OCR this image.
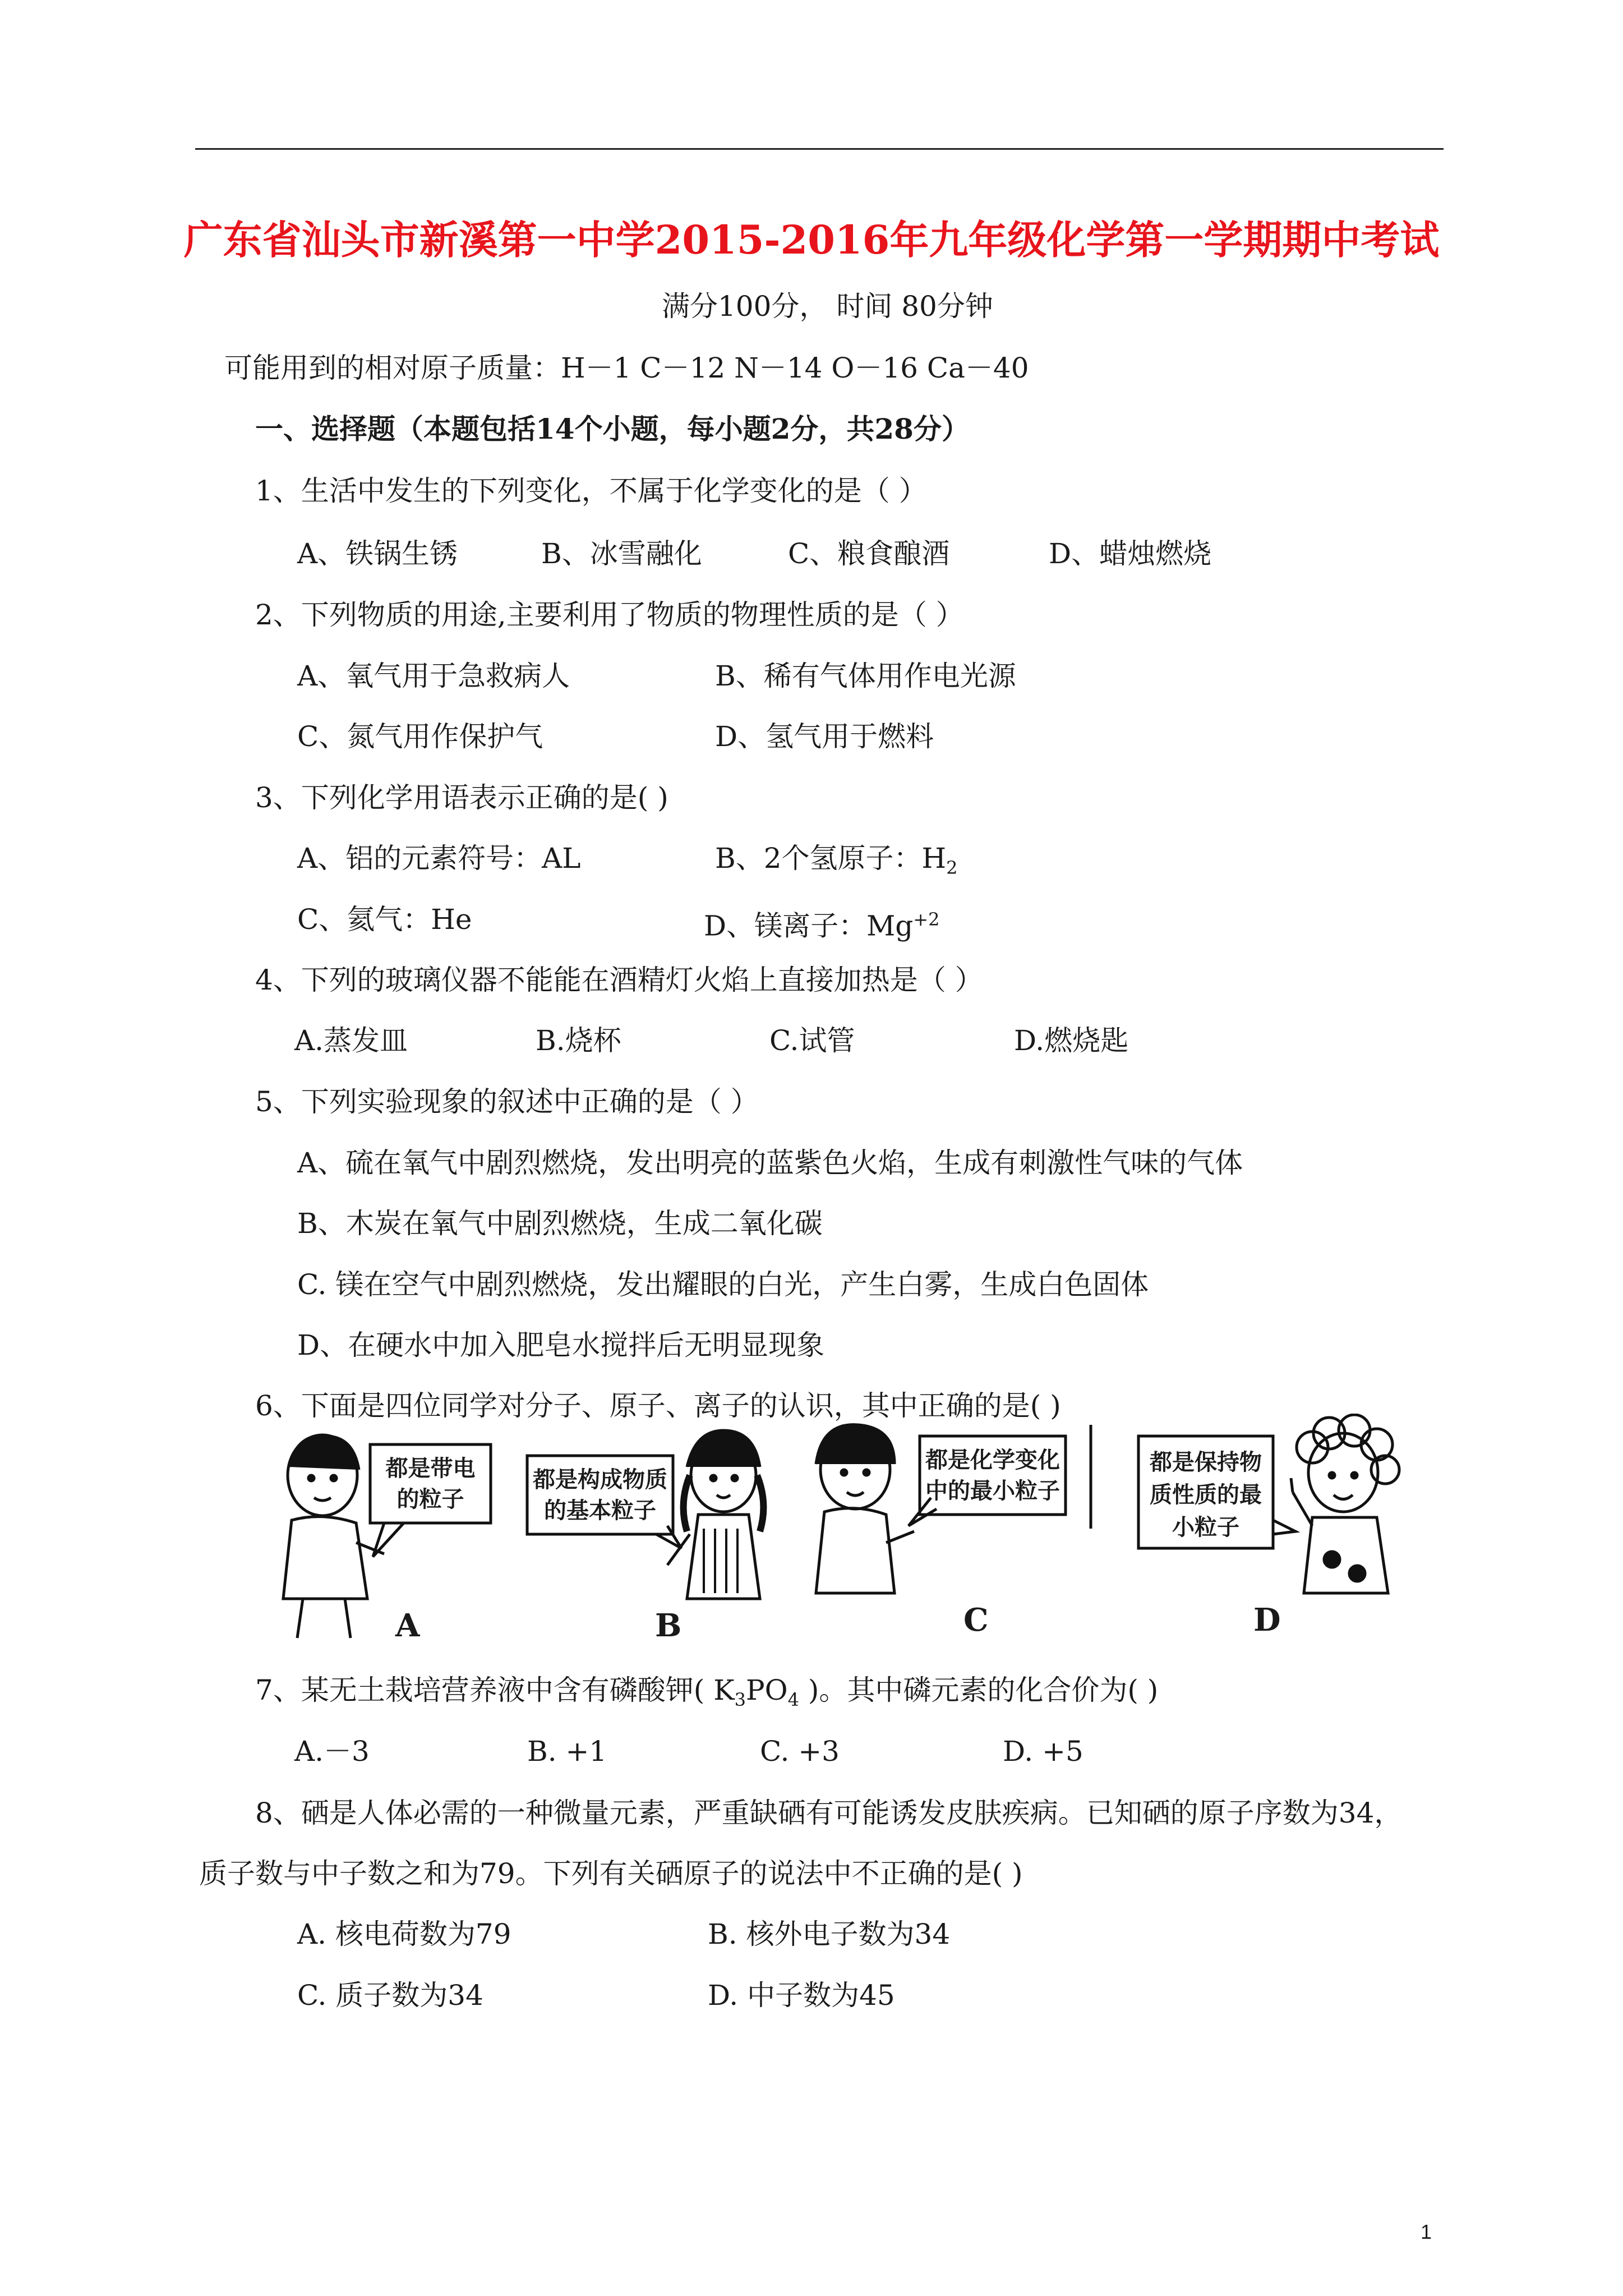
广东省汕头市新溪第一中学2015-2016年九年级化学第一学期期中考试
满分100分， 时间 80分钟
可能用到的相对原子质量：H－1 C－12 N－14 O－16 Ca－40
一、选择题（本题包括14个小题，每小题2分，共28分）
1、生活中发生的下列变化，不属于化学变化的是（ ）
A、铁锅生锈	B、冰雪融化	C、粮食酿酒	D、蜡烛燃烧
2、下列物质的用途,主要利用了物质的物理性质的是（ ）
A、氧气用于急救病人	B、稀有气体用作电光源
C、氮气用作保护气	D、氢气用于燃料
3、下列化学用语表示正确的是( )
A、铝的元素符号：AL	B、2个氢原子：$H_2$
C、氦气：He	D、镁离子：$Mg^{+2}$
4、下列的玻璃仪器不能能在酒精灯火焰上直接加热是（ ）
A.蒸发皿	B.烧杯	C.试管	D.燃烧匙
5、下列实验现象的叙述中正确的是（ ）
A、硫在氧气中剧烈燃烧，发出明亮的蓝紫色火焰，生成有刺激性气味的气体
B、木炭在氧气中剧烈燃烧，生成二氧化碳
C. 镁在空气中剧烈燃烧，发出耀眼的白光，产生白雾，生成白色固体
D、在硬水中加入肥皂水搅拌后无明显现象
6、下面是四位同学对分子、原子、离子的认识，其中正确的是( )
都是带电
的粒子
都是构成物质
的基本粒子
都是化学变化
中的最小粒子
都是保持物
质性质的最
小粒子
A	B	C	D
7、某无土栽培营养液中含有磷酸钾( $K_3PO_4$ )。其中磷元素的化合价为( )
A.－3	B. +1	C. +3	D. +5
8、硒是人体必需的一种微量元素，严重缺硒有可能诱发皮肤疾病。已知硒的原子序数为34，
质子数与中子数之和为79。下列有关硒原子的说法中不正确的是( )
A. 核电荷数为79	B. 核外电子数为34
C. 质子数为34	D. 中子数为45
1
